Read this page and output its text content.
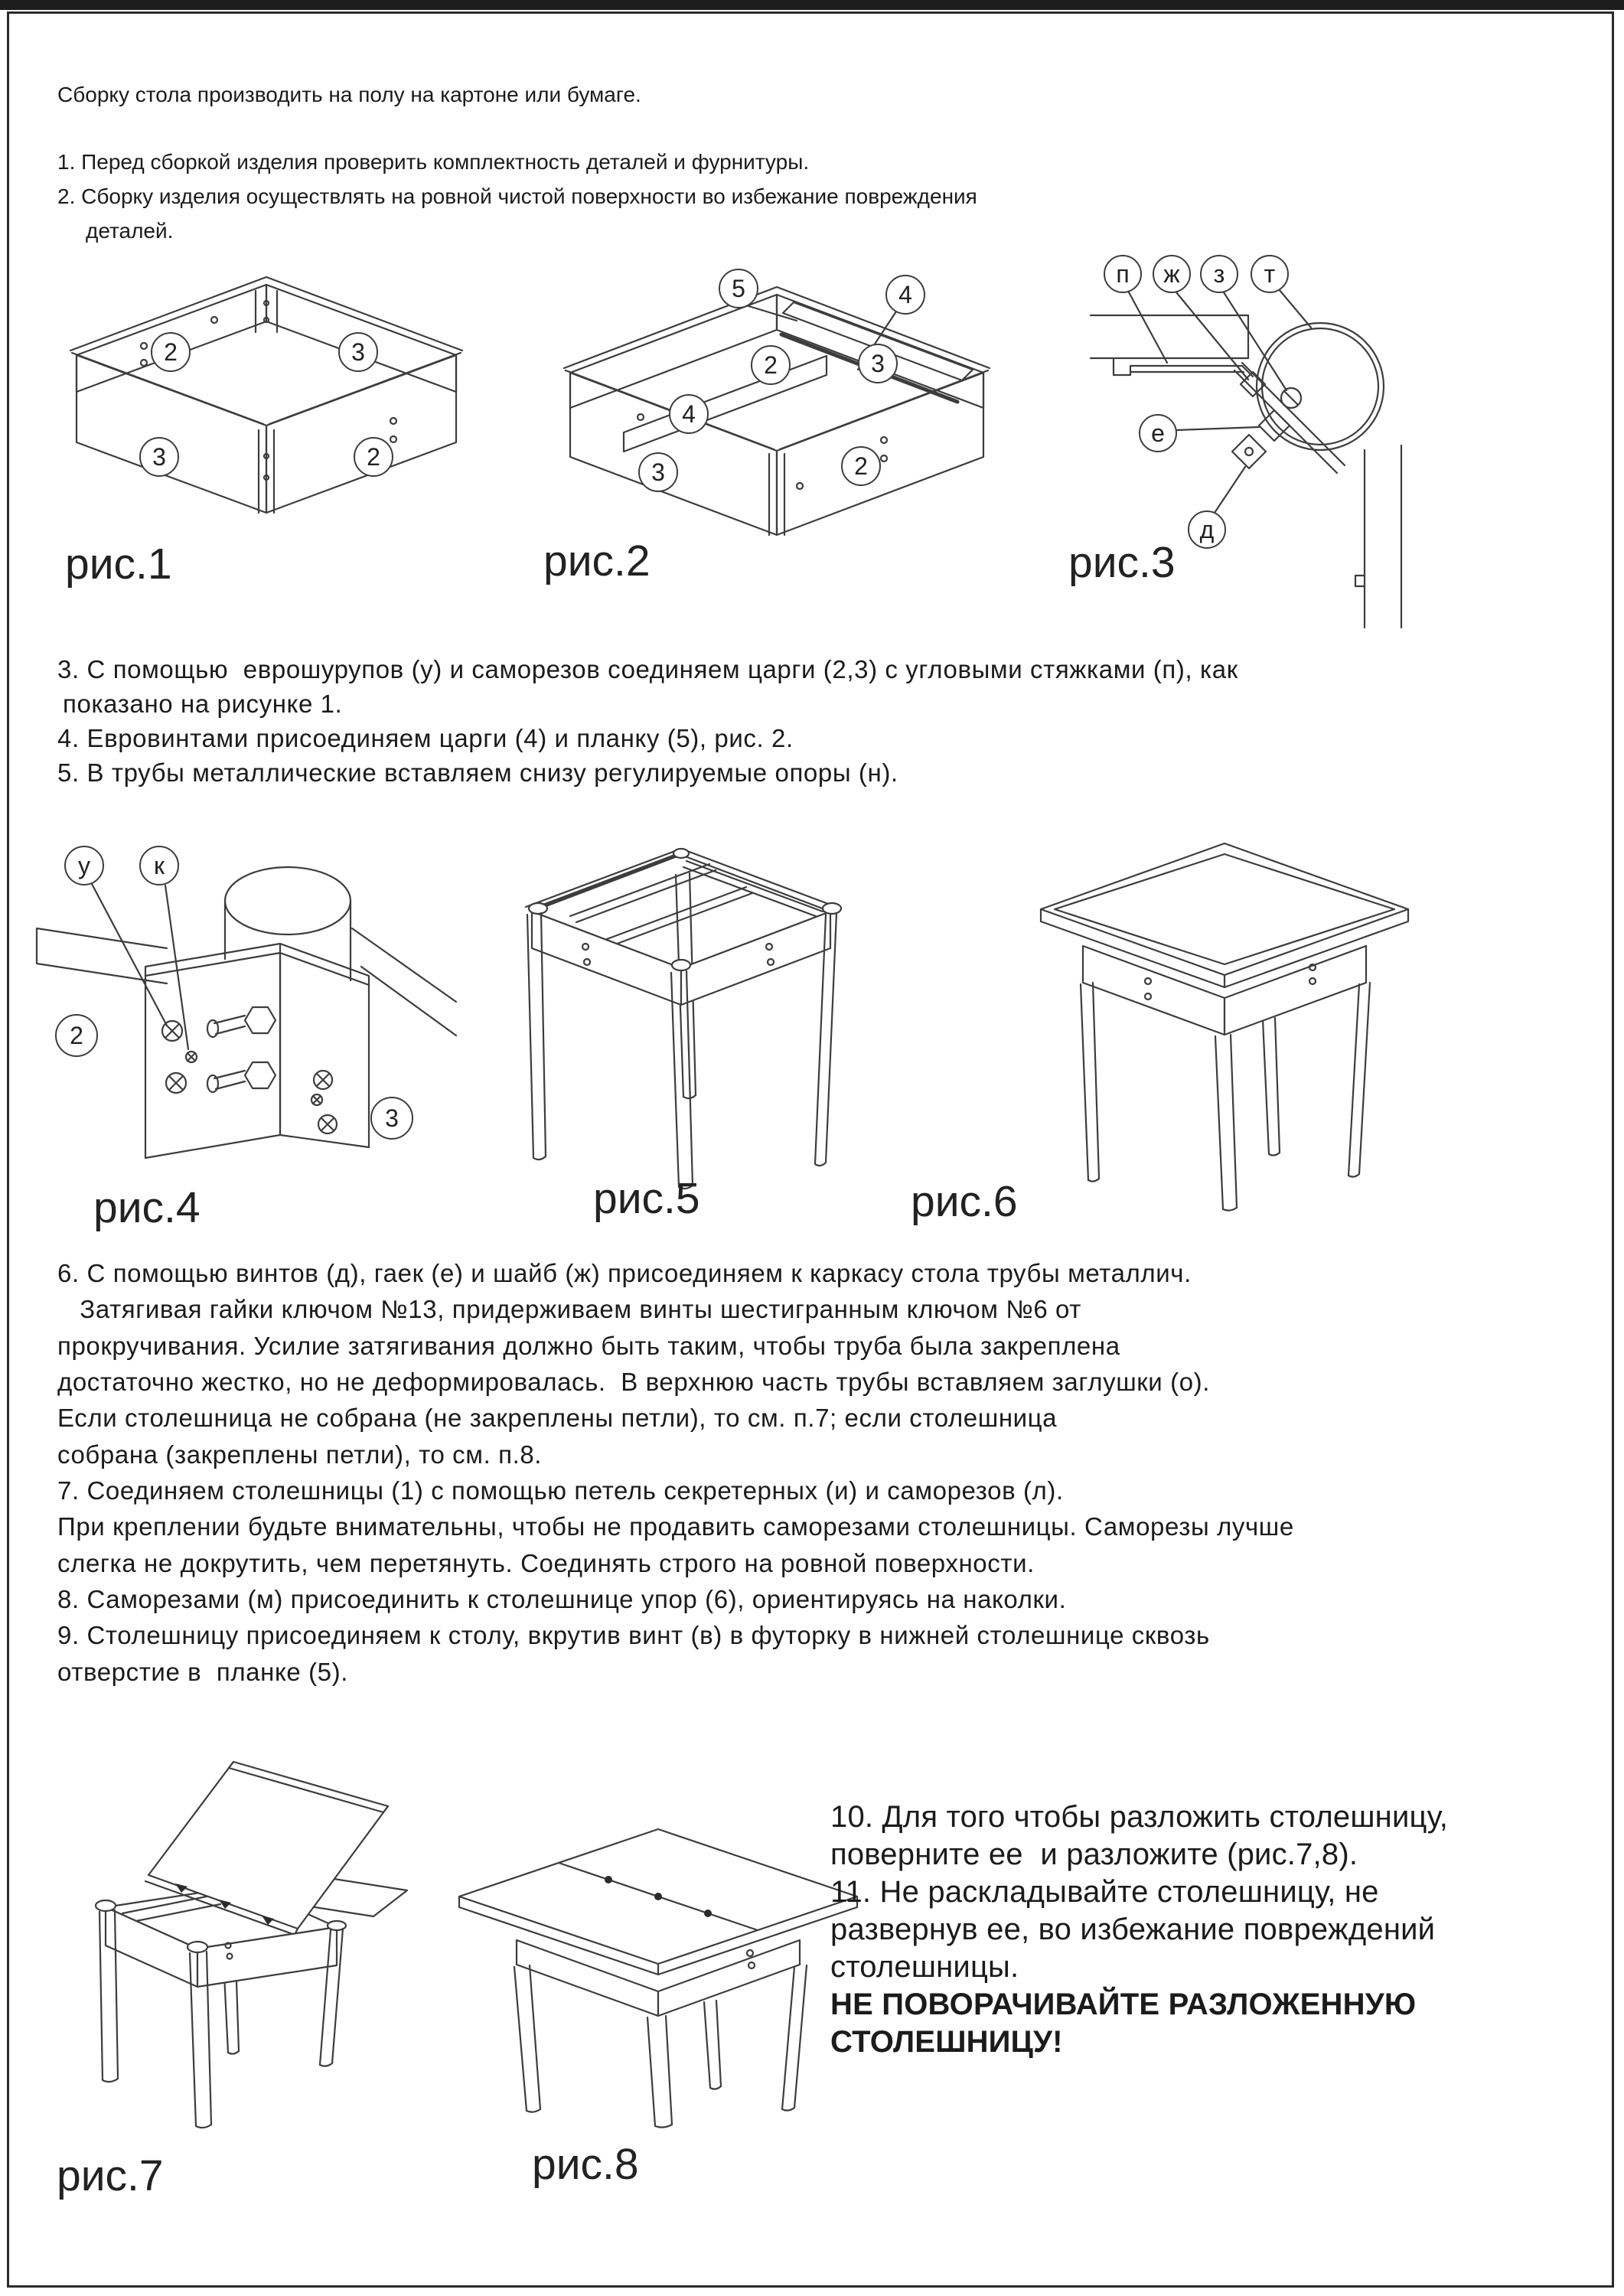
Сборку стола производить на полу на картоне или бумаге.
1. Перед сборкой изделия проверить комплектность деталей и фурнитуры.
2. Сборку изделия осуществлять на ровной чистой поверхности во избежание повреждения
деталей.
2	3
3	2
рис.1
5	4
3
2
4
3	2
рис.2
п ж з т
е
д
рис.3
3. С помощью  еврошурупов (у) и саморезов соединяем царги (2,3) с угловыми стяжками (п), как
показано на рисунке 1.
4. Евровинтами присоединяем царги (4) и планку (5), рис. 2.
5. В трубы металлические вставляем снизу регулируемые опоры (н).
у	к
2
3
рис.4	рис.5	рис.6
6. С помощью винтов (д), гаек (е) и шайб (ж) присоединяем к каркасу стола трубы металлич.
Затягивая гайки ключом №13, придерживаем винты шестигранным ключом №6 от
прокручивания. Усилие затягивания должно быть таким, чтобы труба была закреплена
достаточно жестко, но не деформировалась.  В верхнюю часть трубы вставляем заглушки (о).
Если столешница не собрана (не закреплены петли), то см. п.7; если столешница
собрана (закреплены петли), то см. п.8.
7. Соединяем столешницы (1) с помощью петель секретерных (и) и саморезов (л).
При креплении будьте внимательны, чтобы не продавить саморезами столешницы. Саморезы лучше
слегка не докрутить, чем перетянуть. Соединять строго на ровной поверхности.
8. Саморезами (м) присоединить к столешнице упор (6), ориентируясь на наколки.
9. Столешницу присоединяем к столу, вкрутив винт (в) в футорку в нижней столешнице сквозь
отверстие в  планке (5).
рис.7	рис.8
10. Для того чтобы разложить столешницу,
поверните ее  и разложите (рис.7,8).
11. Не раскладывайте столешницу, не
развернув ее, во избежание повреждений
столешницы.
НЕ ПОВОРАЧИВАЙТЕ РАЗЛОЖЕННУЮ
СТОЛЕШНИЦУ!
